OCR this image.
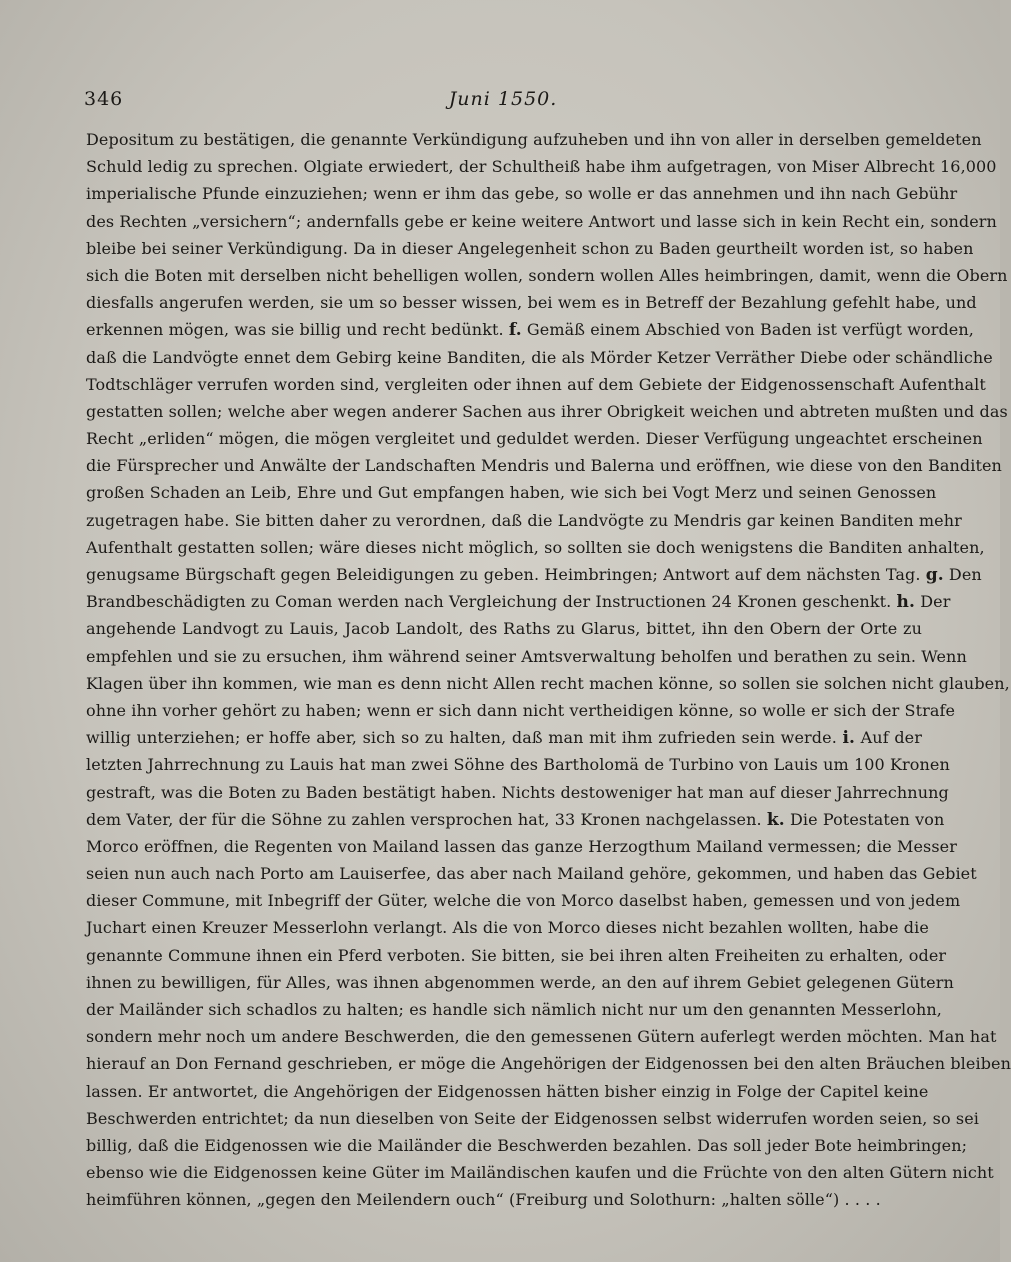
346	Juni 1550.
Depositum zu bestätigen, die genannte Verkündigung aufzuheben und ihn von aller in derselben gemeldeten
Schuld ledig zu sprechen. Olgiate erwiedert, der Schultheiß habe ihm aufgetragen, von Miser Albrecht 16,000
imperialische Pfunde einzuziehen; wenn er ihm das gebe, so wolle er das annehmen und ihn nach Gebühr
des Rechten „versichern“; andernfalls gebe er keine weitere Antwort und lasse sich in kein Recht ein, sondern
bleibe bei seiner Verkündigung. Da in dieser Angelegenheit schon zu Baden geurtheilt worden ist, so haben
sich die Boten mit derselben nicht behelligen wollen, sondern wollen Alles heimbringen, damit, wenn die Obern
diesfalls angerufen werden, sie um so besser wissen, bei wem es in Betreff der Bezahlung gefehlt habe, und
erkennen mögen, was sie billig und recht bedünkt. f. Gemäß einem Abschied von Baden ist verfügt worden,
daß die Landvögte ennet dem Gebirg keine Banditen, die als Mörder Ketzer Verräther Diebe oder schändliche
Todtschläger verrufen worden sind, vergleiten oder ihnen auf dem Gebiete der Eidgenossenschaft Aufenthalt
gestatten sollen; welche aber wegen anderer Sachen aus ihrer Obrigkeit weichen und abtreten mußten und das
Recht „erliden“ mögen, die mögen vergleitet und geduldet werden. Dieser Verfügung ungeachtet erscheinen
die Fürsprecher und Anwälte der Landschaften Mendris und Balerna und eröffnen, wie diese von den Banditen
großen Schaden an Leib, Ehre und Gut empfangen haben, wie sich bei Vogt Merz und seinen Genossen
zugetragen habe. Sie bitten daher zu verordnen, daß die Landvögte zu Mendris gar keinen Banditen mehr
Aufenthalt gestatten sollen; wäre dieses nicht möglich, so sollten sie doch wenigstens die Banditen anhalten,
genugsame Bürgschaft gegen Beleidigungen zu geben. Heimbringen; Antwort auf dem nächsten Tag. g. Den
Brandbeschädigten zu Coman werden nach Vergleichung der Instructionen 24 Kronen geschenkt. h. Der
angehende Landvogt zu Lauis, Jacob Landolt, des Raths zu Glarus, bittet, ihn den Obern der Orte zu
empfehlen und sie zu ersuchen, ihm während seiner Amtsverwaltung beholfen und berathen zu sein. Wenn
Klagen über ihn kommen, wie man es denn nicht Allen recht machen könne, so sollen sie solchen nicht glauben,
ohne ihn vorher gehört zu haben; wenn er sich dann nicht vertheidigen könne, so wolle er sich der Strafe
willig unterziehen; er hoffe aber, sich so zu halten, daß man mit ihm zufrieden sein werde. i. Auf der
letzten Jahrrechnung zu Lauis hat man zwei Söhne des Bartholomä de Turbino von Lauis um 100 Kronen
gestraft, was die Boten zu Baden bestätigt haben. Nichts destoweniger hat man auf dieser Jahrrechnung
dem Vater, der für die Söhne zu zahlen versprochen hat, 33 Kronen nachgelassen. k. Die Potestaten von
Morco eröffnen, die Regenten von Mailand lassen das ganze Herzogthum Mailand vermessen; die Messer
seien nun auch nach Porto am Lauiserfee, das aber nach Mailand gehöre, gekommen, und haben das Gebiet
dieser Commune, mit Inbegriff der Güter, welche die von Morco daselbst haben, gemessen und von jedem
Juchart einen Kreuzer Messerlohn verlangt. Als die von Morco dieses nicht bezahlen wollten, habe die
genannte Commune ihnen ein Pferd verboten. Sie bitten, sie bei ihren alten Freiheiten zu erhalten, oder
ihnen zu bewilligen, für Alles, was ihnen abgenommen werde, an den auf ihrem Gebiet gelegenen Gütern
der Mailänder sich schadlos zu halten; es handle sich nämlich nicht nur um den genannten Messerlohn,
sondern mehr noch um andere Beschwerden, die den gemessenen Gütern auferlegt werden möchten. Man hat
hierauf an Don Fernand geschrieben, er möge die Angehörigen der Eidgenossen bei den alten Bräuchen bleiben
lassen. Er antwortet, die Angehörigen der Eidgenossen hätten bisher einzig in Folge der Capitel keine
Beschwerden entrichtet; da nun dieselben von Seite der Eidgenossen selbst widerrufen worden seien, so sei
billig, daß die Eidgenossen wie die Mailänder die Beschwerden bezahlen. Das soll jeder Bote heimbringen;
ebenso wie die Eidgenossen keine Güter im Mailändischen kaufen und die Früchte von den alten Gütern nicht
heimführen können, „gegen den Meilendern ouch“ (Freiburg und Solothurn: „halten sölle“) . . . .
